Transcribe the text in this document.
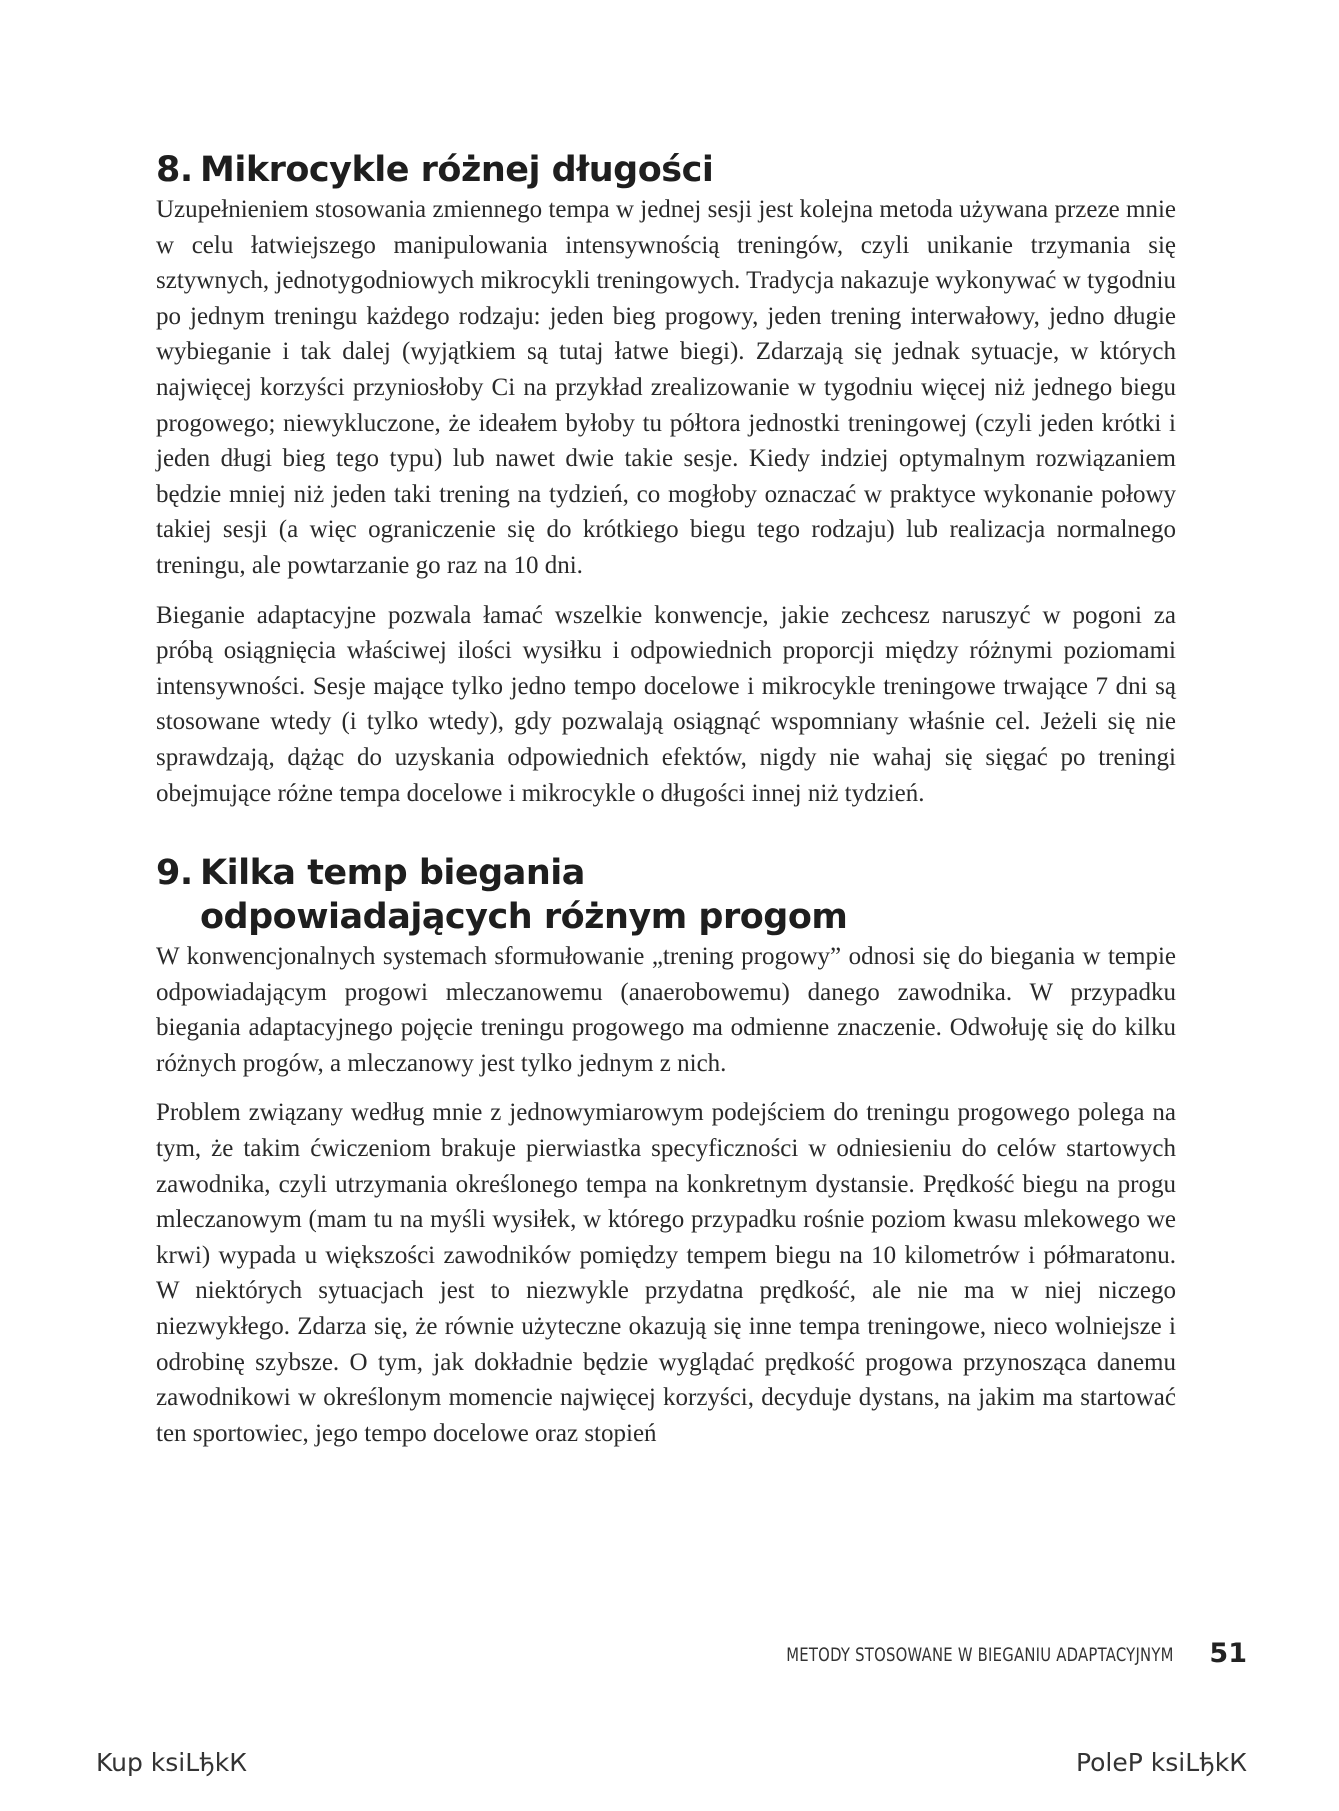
8. Mikrocykle różnej długości

Uzupełnieniem stosowania zmiennego tempa w jednej sesji jest kolejna metoda używana przeze mnie w celu łatwiejszego manipulowania intensywnością treningów, czyli unikanie trzymania się sztywnych, jednotygodniowych mikrocykli treningowych. Tradycja nakazuje wykonywać w tygodniu po jednym treningu każdego rodzaju: jeden bieg progowy, jeden trening interwałowy, jedno długie wybieganie i tak dalej (wyjątkiem są tutaj łatwe biegi). Zdarzają się jednak sytuacje, w których najwięcej korzyści przyniosłoby Ci na przykład zrealizowanie w tygodniu więcej niż jednego biegu progowego; niewykluczone, że ideałem byłoby tu półtora jednostki treningowej (czyli jeden krótki i jeden długi bieg tego typu) lub nawet dwie takie sesje. Kiedy indziej optymalnym rozwiązaniem będzie mniej niż jeden taki trening na tydzień, co mogłoby oznaczać w praktyce wykonanie połowy takiej sesji (a więc ograniczenie się do krótkiego biegu tego rodzaju) lub realizacja normalnego treningu, ale powtarzanie go raz na 10 dni.

Bieganie adaptacyjne pozwala łamać wszelkie konwencje, jakie zechcesz naruszyć w pogoni za próbą osiągnięcia właściwej ilości wysiłku i odpowiednich proporcji między różnymi poziomami intensywności. Sesje mające tylko jedno tempo docelowe i mikrocykle treningowe trwające 7 dni są stosowane wtedy (i tylko wtedy), gdy pozwalają osiągnąć wspomniany właśnie cel. Jeżeli się nie sprawdzają, dążąc do uzyskania odpowiednich efektów, nigdy nie wahaj się sięgać po treningi obejmujące różne tempa docelowe i mikrocykle o długości innej niż tydzień.

9. Kilka temp biegania
odpowiadających różnym progom

W konwencjonalnych systemach sformułowanie „trening progowy” odnosi się do biegania w tempie odpowiadającym progowi mleczanowemu (anaerobowemu) danego zawodnika. W przypadku biegania adaptacyjnego pojęcie treningu progowego ma odmienne znaczenie. Odwołuję się do kilku różnych progów, a mleczanowy jest tylko jednym z nich.

Problem związany według mnie z jednowymiarowym podejściem do treningu progowego polega na tym, że takim ćwiczeniom brakuje pierwiastka specyficzności w odniesieniu do celów startowych zawodnika, czyli utrzymania określonego tempa na konkretnym dystansie. Prędkość biegu na progu mleczanowym (mam tu na myśli wysiłek, w którego przypadku rośnie poziom kwasu mlekowego we krwi) wypada u większości zawodników pomiędzy tempem biegu na 10 kilometrów i półmaratonu. W niektórych sytuacjach jest to niezwykle przydatna prędkość, ale nie ma w niej niczego niezwykłego. Zdarza się, że równie użyteczne okazują się inne tempa treningowe, nieco wolniejsze i odrobinę szybsze. O tym, jak dokładnie będzie wyglądać prędkość progowa przynosząca danemu zawodnikowi w określonym momencie najwięcej korzyści, decyduje dystans, na jakim ma startować ten sportowiec, jego tempo docelowe oraz stopień

METODY STOSOWANE W BIEGANIU ADAPTACYJNYM 51
Kup ksiLђkК	PoleР ksiLђkК
